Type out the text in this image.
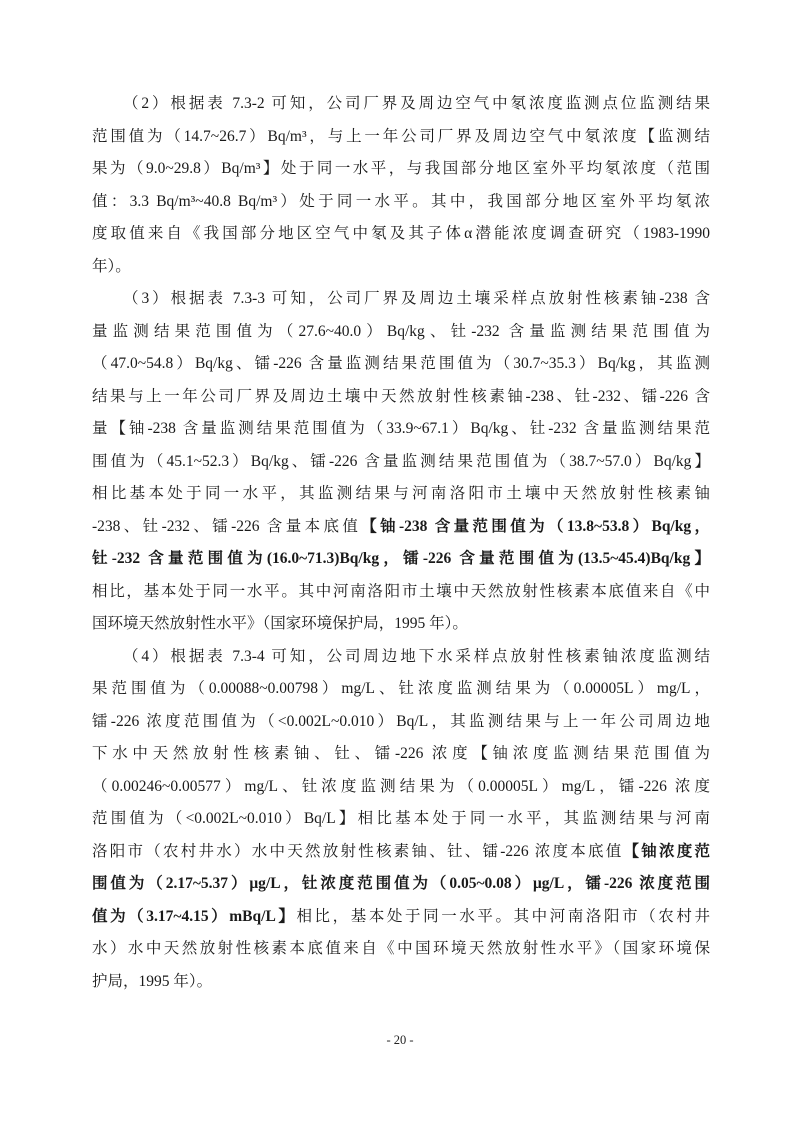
（2）根据表 7.3-2 可知，公司厂界及周边空气中氡浓度监测点位监测结果
范围值为（14.7~26.7）Bq/m³，与上一年公司厂界及周边空气中氡浓度【监测结
果为（9.0~29.8）Bq/m³】处于同一水平，与我国部分地区室外平均氡浓度（范围
值：3.3 Bq/m³~40.8 Bq/m³）处于同一水平。其中，我国部分地区室外平均氡浓
度取值来自《我国部分地区空气中氡及其子体α潜能浓度调查研究（1983-1990
年）。
（3）根据表 7.3-3 可知，公司厂界及周边土壤采样点放射性核素铀-238 含
量监测结果范围值为（27.6~40.0）Bq/kg、钍-232 含量监测结果范围值为
（47.0~54.8）Bq/kg、镭-226 含量监测结果范围值为（30.7~35.3）Bq/kg，其监测
结果与上一年公司厂界及周边土壤中天然放射性核素铀-238、钍-232、镭-226 含
量【铀-238 含量监测结果范围值为（33.9~67.1）Bq/kg、钍-232 含量监测结果范
围值为（45.1~52.3）Bq/kg、镭-226 含量监测结果范围值为（38.7~57.0）Bq/kg】
相比基本处于同一水平，其监测结果与河南洛阳市土壤中天然放射性核素铀
-238、钍-232、镭-226 含量本底值【铀-238 含量范围值为（13.8~53.8）Bq/kg，
钍-232 含量范围值为(16.0~71.3)Bq/kg，镭-226 含量范围值为(13.5~45.4)Bq/kg】
相比，基本处于同一水平。其中河南洛阳市土壤中天然放射性核素本底值来自《中
国环境天然放射性水平》（国家环境保护局，1995 年）。
（4）根据表 7.3-4 可知，公司周边地下水采样点放射性核素铀浓度监测结
果范围值为（0.00088~0.00798）mg/L、钍浓度监测结果为（0.00005L）mg/L，
镭-226 浓度范围值为（<0.002L~0.010）Bq/L，其监测结果与上一年公司周边地
下水中天然放射性核素铀、钍、镭-226 浓度【铀浓度监测结果范围值为
（0.00246~0.00577）mg/L、钍浓度监测结果为（0.00005L）mg/L，镭-226 浓度
范围值为（<0.002L~0.010）Bq/L】相比基本处于同一水平，其监测结果与河南
洛阳市（农村井水）水中天然放射性核素铀、钍、镭-226 浓度本底值【铀浓度范
围值为（2.17~5.37）μg/L，钍浓度范围值为（0.05~0.08）μg/L，镭-226 浓度范围
值为（3.17~4.15）mBq/L】相比，基本处于同一水平。其中河南洛阳市（农村井
水）水中天然放射性核素本底值来自《中国环境天然放射性水平》（国家环境保
护局，1995 年）。
- 20 -
